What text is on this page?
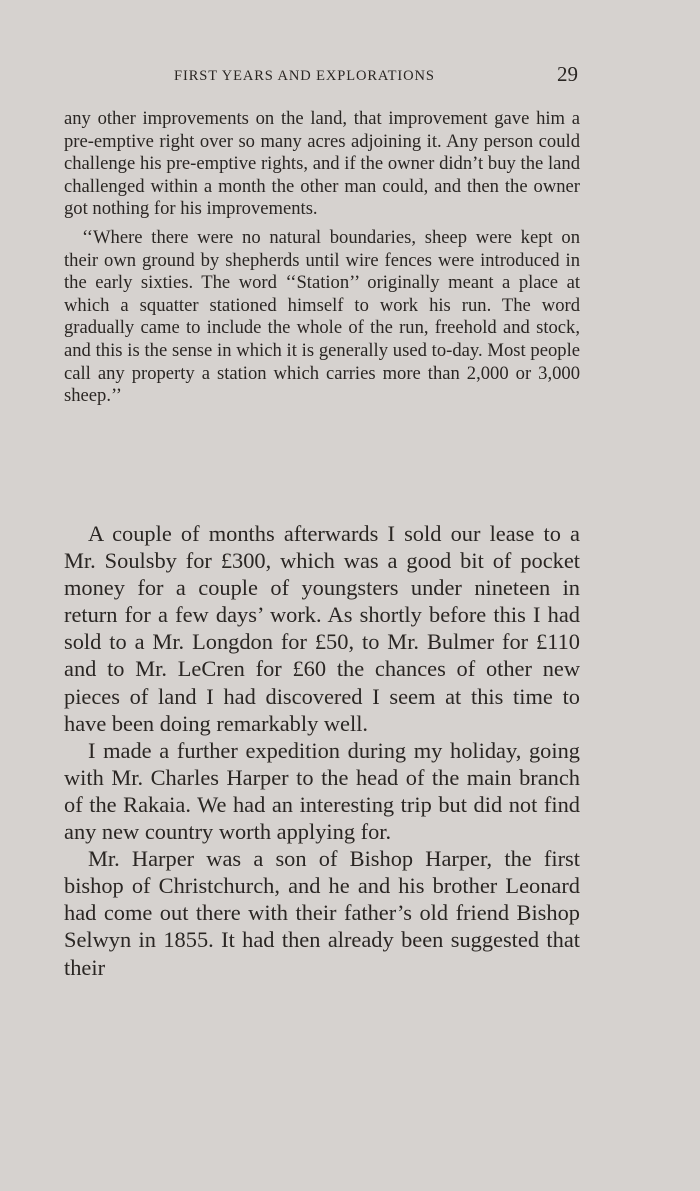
FIRST YEARS AND EXPLORATIONS	29

any other improvements on the land, that improvement gave him a pre-emptive right over so many acres adjoining it. Any person could challenge his pre-emptive rights, and if the owner didn’t buy the land challenged within a month the other man could, and then the owner got nothing for his improvements.

‘‘Where there were no natural boundaries, sheep were kept on their own ground by shepherds until wire fences were introduced in the early sixties. The word ‘‘Station’’ originally meant a place at which a squatter stationed himself to work his run. The word gradually came to include the whole of the run, freehold and stock, and this is the sense in which it is generally used to-day. Most people call any property a station which carries more than 2,000 or 3,000 sheep.’’

A couple of months afterwards I sold our lease to a Mr. Soulsby for £300, which was a good bit of pocket money for a couple of youngsters under nineteen in return for a few days’ work. As shortly before this I had sold to a Mr. Longdon for £50, to Mr. Bulmer for £110 and to Mr. LeCren for £60 the chances of other new pieces of land I had discovered I seem at this time to have been doing remarkably well.

I made a further expedition during my holiday, going with Mr. Charles Harper to the head of the main branch of the Rakaia. We had an interesting trip but did not find any new country worth applying for.

Mr. Harper was a son of Bishop Harper, the first bishop of Christchurch, and he and his brother Leonard had come out there with their father’s old friend Bishop Selwyn in 1855. It had then already been suggested that their
